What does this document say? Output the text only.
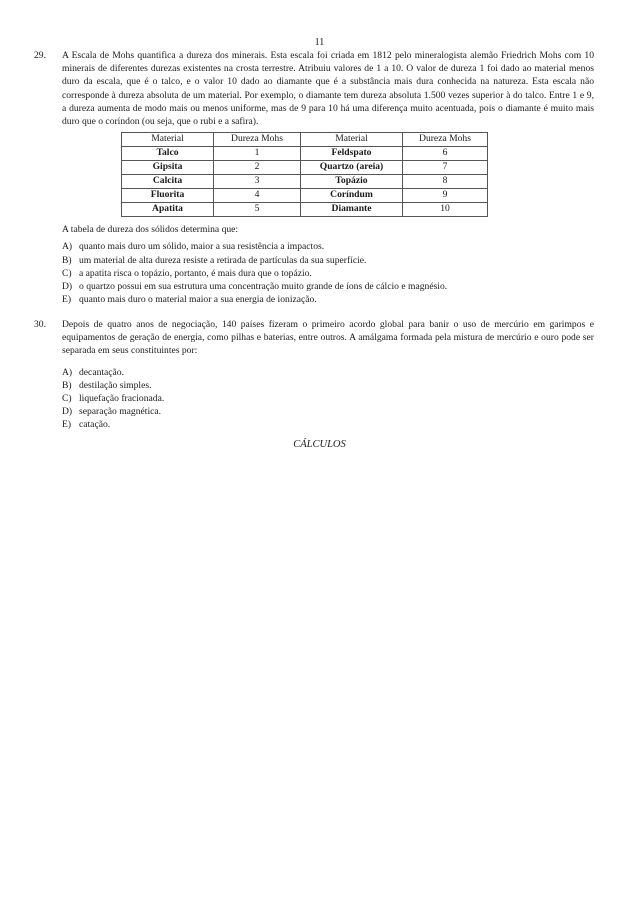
11
29.	A Escala de Mohs quantifica a dureza dos minerais. Esta escala foi criada em 1812 pelo mineralogista alemão Friedrich Mohs com 10 minerais de diferentes durezas existentes na crosta terrestre. Atribuiu valores de 1 a 10. O valor de dureza 1 foi dado ao material menos duro da escala, que é o talco, e o valor 10 dado ao diamante que é a substância mais dura conhecida na natureza. Esta escala não corresponde à dureza absoluta de um material. Por exemplo, o diamante tem dureza absoluta 1.500 vezes superior à do talco. Entre 1 e 9, a dureza aumenta de modo mais ou menos uniforme, mas de 9 para 10 há uma diferença muito acentuada, pois o diamante é muito mais duro que o coríndon (ou seja, que o rubi e a safira).
Material	Dureza Mohs	Material	Dureza Mohs
Talco	1	Feldspato	6
Gipsita	2	Quartzo (areia)	7
Calcita	3	Topázio	8
Fluorita	4	Coríndum	9
Apatita	5	Diamante	10
A tabela de dureza dos sólidos determina que:
A) quanto mais duro um sólido, maior a sua resistência a impactos.
B) um material de alta dureza resiste a retirada de partículas da sua superfície.
C) a apatita risca o topázio, portanto, é mais dura que o topázio.
D) o quartzo possui em sua estrutura uma concentração muito grande de íons de cálcio e magnésio.
E) quanto mais duro o material maior a sua energia de ionização.
30.	Depois de quatro anos de negociação, 140 países fizeram o primeiro acordo global para banir o uso de mercúrio em garimpos e equipamentos de geração de energia, como pilhas e baterias, entre outros. A amálgama formada pela mistura de mercúrio e ouro pode ser separada em seus constituintes por:
A) decantação.
B) destilação simples.
C) liquefação fracionada.
D) separação magnética.
E) catação.
CÁLCULOS
